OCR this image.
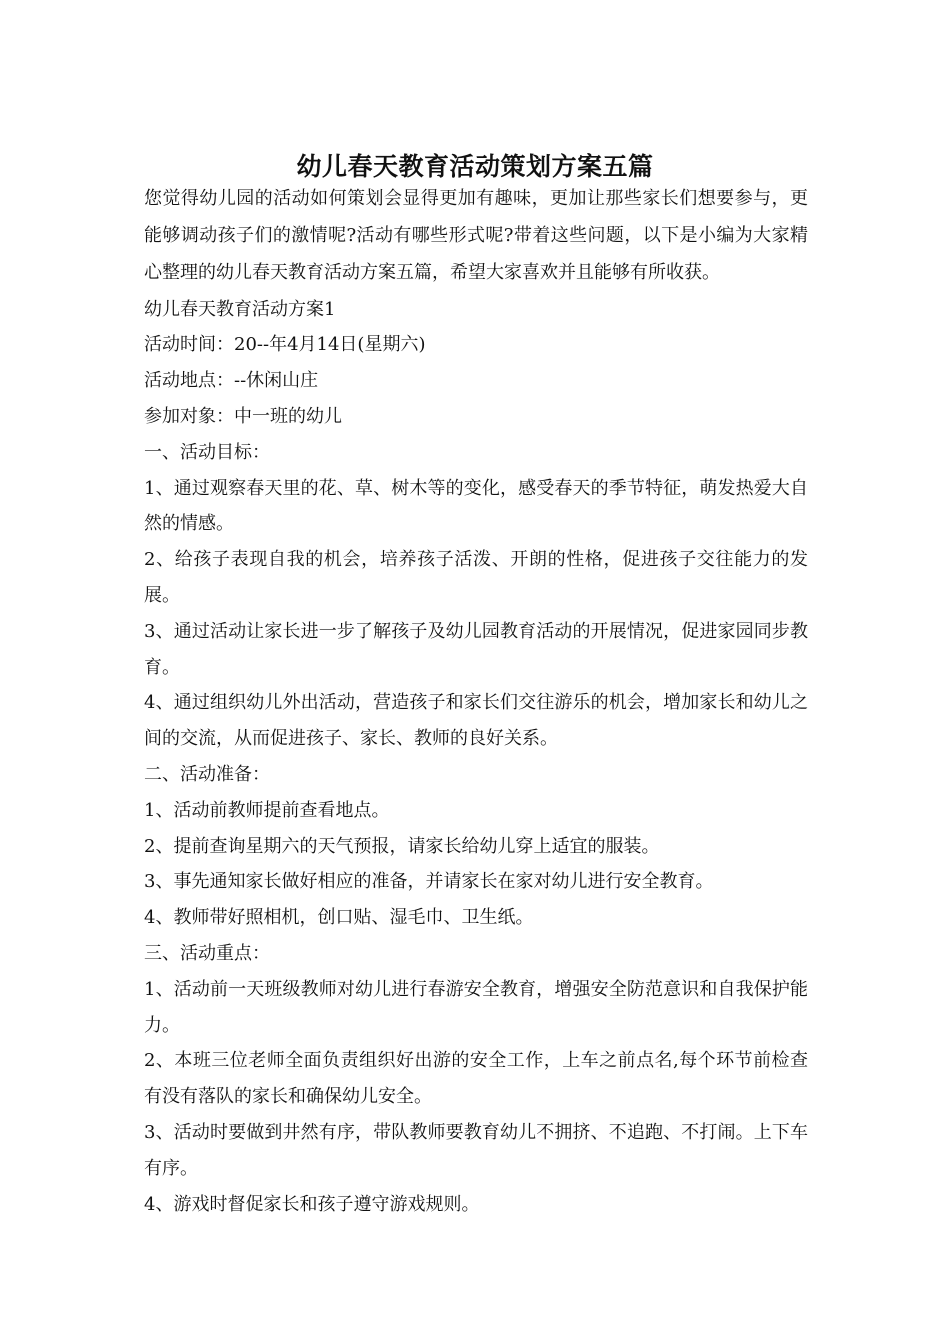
幼儿春天教育活动策划方案五篇

您觉得幼儿园的活动如何策划会显得更加有趣味，更加让那些家长们想要参与，更能够调动孩子们的激情呢?活动有哪些形式呢?带着这些问题，以下是小编为大家精心整理的幼儿春天教育活动方案五篇，希望大家喜欢并且能够有所收获。

幼儿春天教育活动方案1

活动时间：20--年4月14日(星期六)

活动地点：--休闲山庄

参加对象：中一班的幼儿

一、活动目标：

1、通过观察春天里的花、草、树木等的变化，感受春天的季节特征，萌发热爱大自然的情感。

2、给孩子表现自我的机会，培养孩子活泼、开朗的性格，促进孩子交往能力的发展。

3、通过活动让家长进一步了解孩子及幼儿园教育活动的开展情况，促进家园同步教育。

4、通过组织幼儿外出活动，营造孩子和家长们交往游乐的机会，增加家长和幼儿之间的交流，从而促进孩子、家长、教师的良好关系。

二、活动准备：

1、活动前教师提前查看地点。

2、提前查询星期六的天气预报，请家长给幼儿穿上适宜的服装。

3、事先通知家长做好相应的准备，并请家长在家对幼儿进行安全教育。

4、教师带好照相机，创口贴、湿毛巾、卫生纸。

三、活动重点：

1、活动前一天班级教师对幼儿进行春游安全教育，增强安全防范意识和自我保护能力。

2、本班三位老师全面负责组织好出游的安全工作，上车之前点名,每个环节前检查有没有落队的家长和确保幼儿安全。

3、活动时要做到井然有序，带队教师要教育幼儿不拥挤、不追跑、不打闹。上下车有序。

4、游戏时督促家长和孩子遵守游戏规则。
